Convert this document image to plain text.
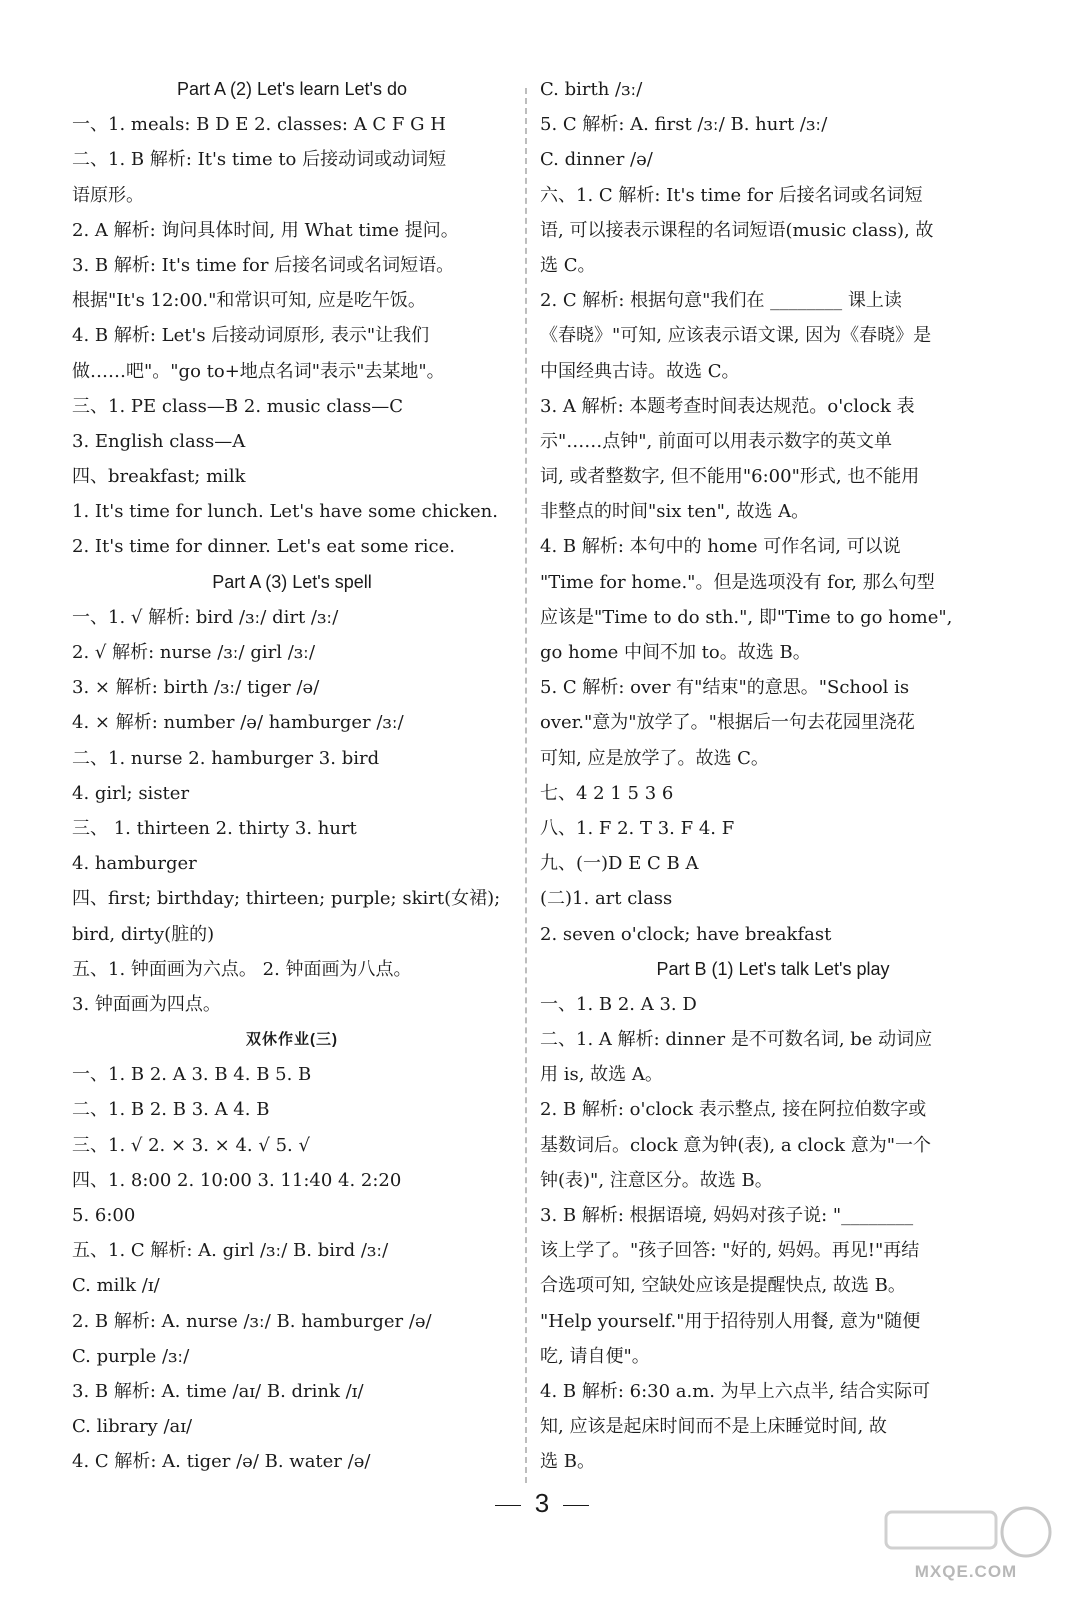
Part A (2) Let's learn Let's do
一、1. meals: B D E 2. classes: A C F G H
二、1. B 解析: It's time to 后接动词或动词短
语原形。
2. A 解析: 询问具体时间, 用 What time 提问。
3. B 解析: It's time for 后接名词或名词短语。
根据"It's 12:00."和常识可知, 应是吃午饭。
4. B 解析: Let's 后接动词原形, 表示"让我们
做……吧"。"go to+地点名词"表示"去某地"。
三、1. PE class—B 2. music class—C
3. English class—A
四、breakfast; milk
1. It's time for lunch. Let's have some chicken.
2. It's time for dinner. Let's eat some rice.
Part A (3) Let's spell
一、1. √ 解析: bird /ɜː/ dirt /ɜː/
2. √ 解析: nurse /ɜː/ girl /ɜː/
3. × 解析: birth /ɜː/ tiger /ə/
4. × 解析: number /ə/ hamburger /ɜː/
二、1. nurse 2. hamburger 3. bird
4. girl; sister
三、 1. thirteen 2. thirty 3. hurt
4. hamburger
四、first; birthday; thirteen; purple; skirt(女裙);
bird, dirty(脏的)
五、1. 钟面画为六点。 2. 钟面画为八点。
3. 钟面画为四点。
双休作业(三)
一、1. B 2. A 3. B 4. B 5. B
二、1. B 2. B 3. A 4. B
三、1. √ 2. × 3. × 4. √ 5. √
四、1. 8:00 2. 10:00 3. 11:40 4. 2:20
5. 6:00
五、1. C 解析: A. girl /ɜː/ B. bird /ɜː/
C. milk /ɪ/
2. B 解析: A. nurse /ɜː/ B. hamburger /ə/
C. purple /ɜː/
3. B 解析: A. time /aɪ/ B. drink /ɪ/
C. library /aɪ/
4. C 解析: A. tiger /ə/ B. water /ə/
C. birth /ɜː/
5. C 解析: A. first /ɜː/ B. hurt /ɜː/
C. dinner /ə/
六、1. C 解析: It's time for 后接名词或名词短
语, 可以接表示课程的名词短语(music class), 故
选 C。
2. C 解析: 根据句意"我们在 ________ 课上读
《春晓》"可知, 应该表示语文课, 因为《春晓》是
中国经典古诗。故选 C。
3. A 解析: 本题考查时间表达规范。o'clock 表
示"……点钟", 前面可以用表示数字的英文单
词, 或者整数字, 但不能用"6:00"形式, 也不能用
非整点的时间"six ten", 故选 A。
4. B 解析: 本句中的 home 可作名词, 可以说
"Time for home."。但是选项没有 for, 那么句型
应该是"Time to do sth.", 即"Time to go home",
go home 中间不加 to。故选 B。
5. C 解析: over 有"结束"的意思。"School is
over."意为"放学了。"根据后一句去花园里浇花
可知, 应是放学了。故选 C。
七、4 2 1 5 3 6
八、1. F 2. T 3. F 4. F
九、(一)D E C B A
(二)1. art class
2. seven o'clock; have breakfast
Part B (1) Let's talk Let's play
一、1. B 2. A 3. D
二、1. A 解析: dinner 是不可数名词, be 动词应
用 is, 故选 A。
2. B 解析: o'clock 表示整点, 接在阿拉伯数字或
基数词后。clock 意为钟(表), a clock 意为"一个
钟(表)", 注意区分。故选 B。
3. B 解析: 根据语境, 妈妈对孩子说: "________
该上学了。"孩子回答: "好的, 妈妈。再见!"再结
合选项可知, 空缺处应该是提醒快点, 故选 B。
"Help yourself."用于招待别人用餐, 意为"随便
吃, 请自便"。
4. B 解析: 6:30 a.m. 为早上六点半, 结合实际可
知, 应该是起床时间而不是上床睡觉时间, 故
选 B。
3
MXQE.COM
